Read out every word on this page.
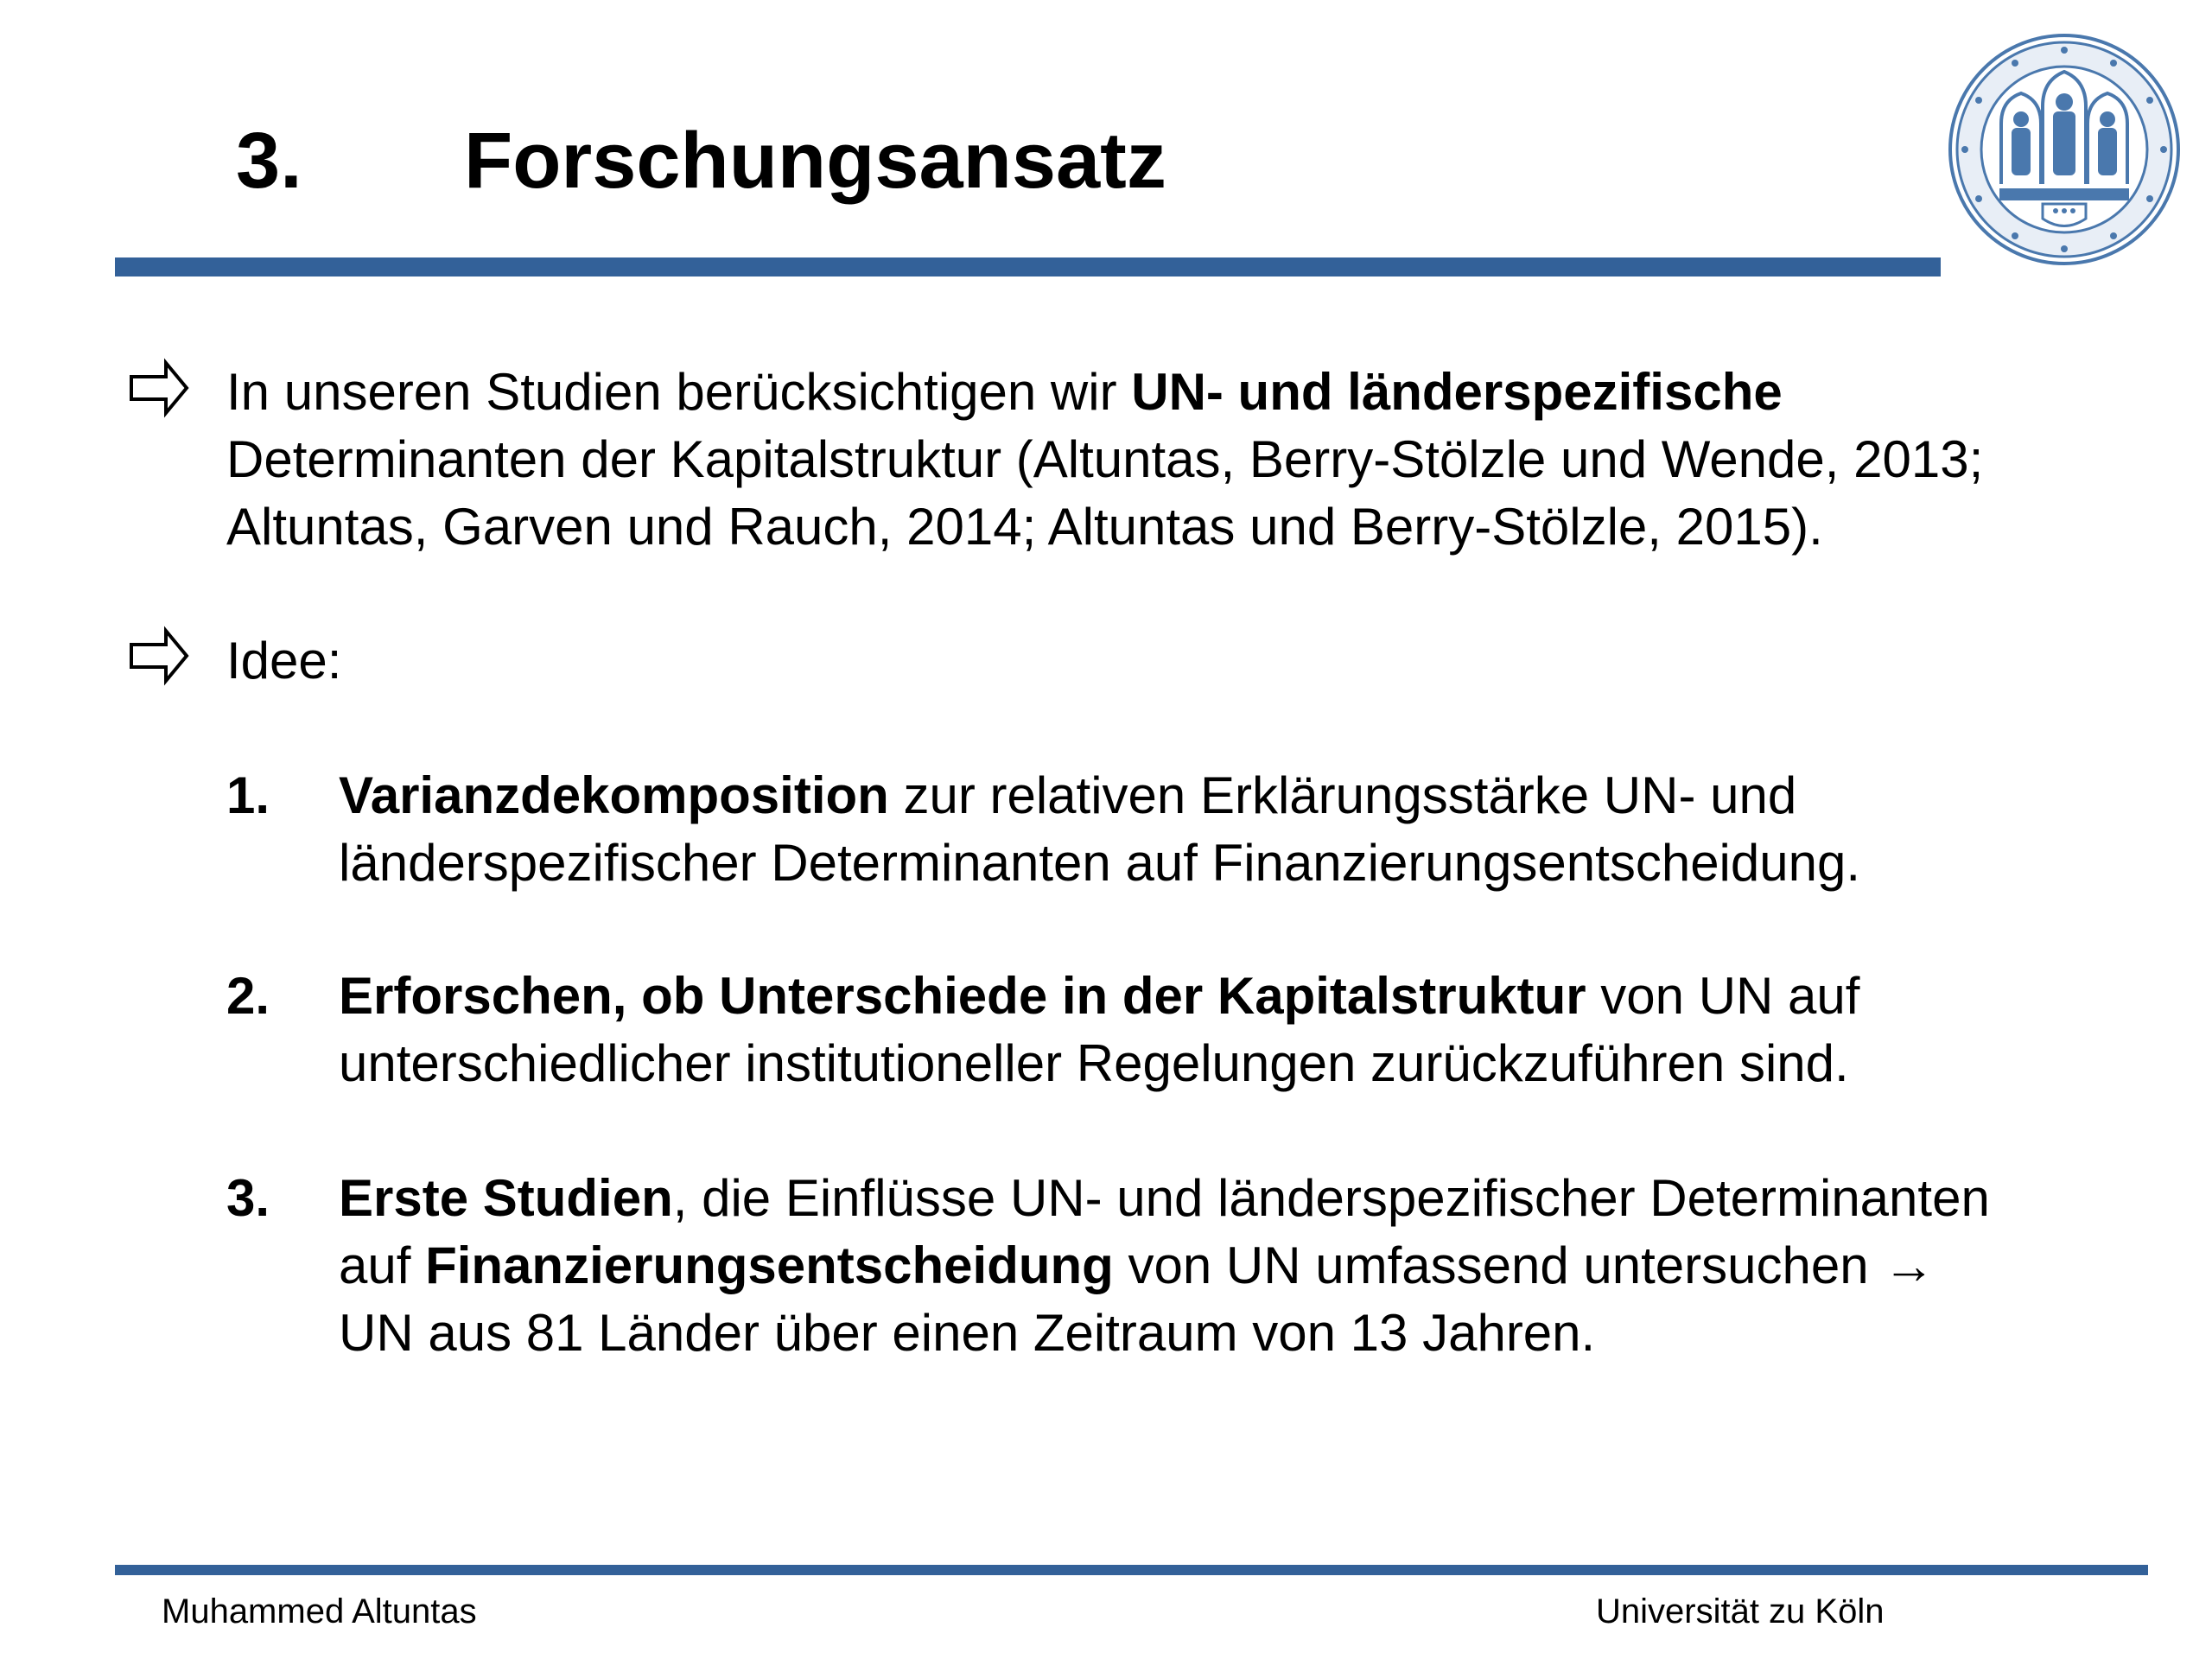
3. Forschungsansatz
In unseren Studien berücksichtigen wir UN- und länderspezifische
Determinanten der Kapitalstruktur (Altuntas, Berry-Stölzle und Wende, 2013;
Altuntas, Garven und Rauch, 2014; Altuntas und Berry-Stölzle, 2015).
Idee:
1. Varianzdekomposition zur relativen Erklärungsstärke UN- und
länderspezifischer Determinanten auf Finanzierungsentscheidung.
2. Erforschen, ob Unterschiede in der Kapitalstruktur von UN auf
unterschiedlicher institutioneller Regelungen zurückzuführen sind.
3. Erste Studien, die Einflüsse UN- und länderspezifischer Determinanten
auf Finanzierungsentscheidung von UN umfassend untersuchen →
UN aus 81 Länder über einen Zeitraum von 13 Jahren.
Muhammed Altuntas	Universität zu Köln
